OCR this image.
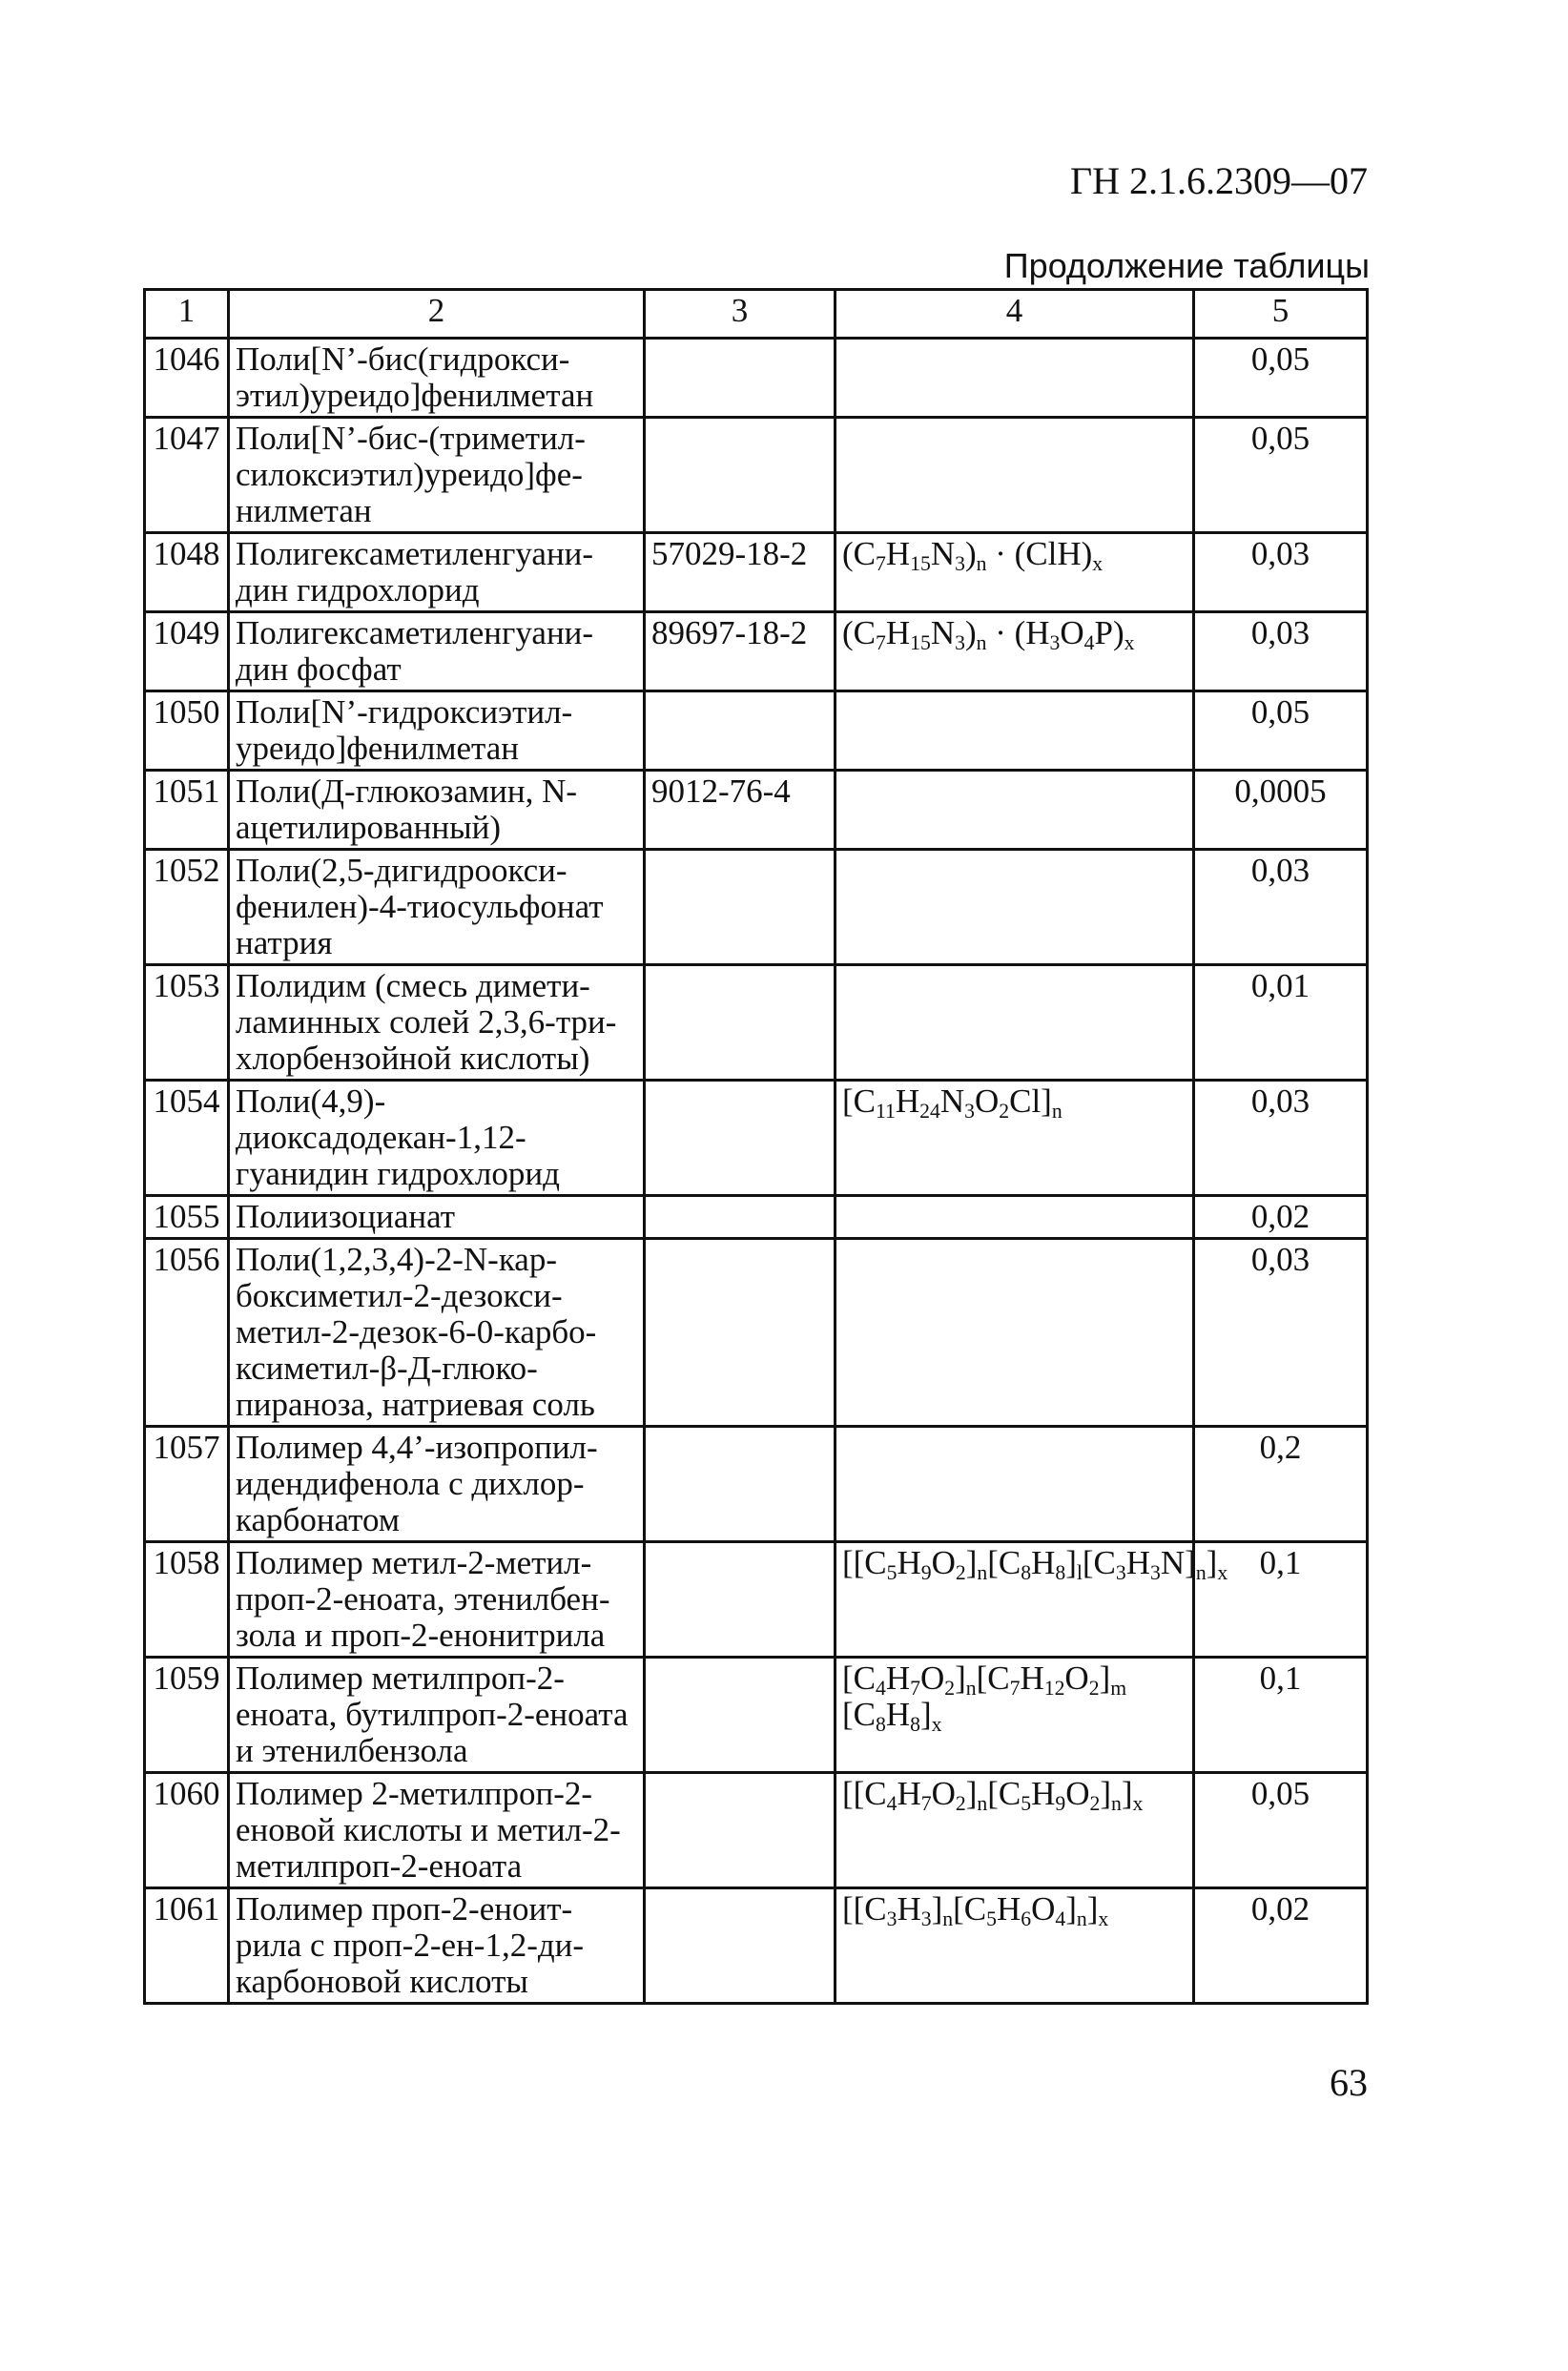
ГН 2.1.6.2309—07
Продолжение таблицы
1	2	3	4	5
1046	Поли[N’-бис(гидрокси-этил)уреидо]фенилметан			0,05
1047	Поли[N’-бис-(триметил-силоксиэтил)уреидо]фе-нилметан			0,05
1048	Полигексаметиленгуани-дин гидрохлорид	57029-18-2	$(C_7H_{15}N_3)_n \cdot (ClH)_x$	0,03
1049	Полигексаметиленгуани-дин фосфат	89697-18-2	$(C_7H_{15}N_3)_n \cdot (H_3O_4P)_x$	0,03
1050	Поли[N’-гидроксиэтил-уреидо]фенилметан			0,05
1051	Поли(Д-глюкозамин, N-ацетилированный)	9012-76-4		0,0005
1052	Поли(2,5-дигидроокси-фенилен)-4-тиосульфонат натрия			0,03
1053	Полидим (смесь димети-ламинных солей 2,3,6-три-хлорбензойной кислоты)			0,01
1054	Поли(4,9)-диоксадодекан-1,12-гуанидин гидрохлорид		$[C_{11}H_{24}N_3O_2Cl]_n$	0,03
1055	Полиизоцианат			0,02
1056	Поли(1,2,3,4)-2-N-кар-боксиметил-2-дезокси-метил-2-дезок-6-0-карбо-ксиметил-β-Д-глюко-пираноза, натриевая соль			0,03
1057	Полимер 4,4’-изопропил-идендифенола с дихлор-карбонатом			0,2
1058	Полимер метил-2-метил-проп-2-еноата, этенилбен-зола и проп-2-енонитрила		$[[C_5H_9O_2]_n[C_8H_8]_l[C_3H_3N]_n]_x$	0,1
1059	Полимер метилпроп-2-еноата, бутилпроп-2-еноата и этенилбензола		$[C_4H_7O_2]_n[C_7H_{12}O_2]_m$ $[C_8H_8]_x$	0,1
1060	Полимер 2-метилпроп-2-еновой кислоты и метил-2-метилпроп-2-еноата		$[[C_4H_7O_2]_n[C_5H_9O_2]_n]_x$	0,05
1061	Полимер проп-2-еноит-рила с проп-2-ен-1,2-ди-карбоновой кислоты		$[[C_3H_3]_n[C_5H_6O_4]_n]_x$	0,02
63
